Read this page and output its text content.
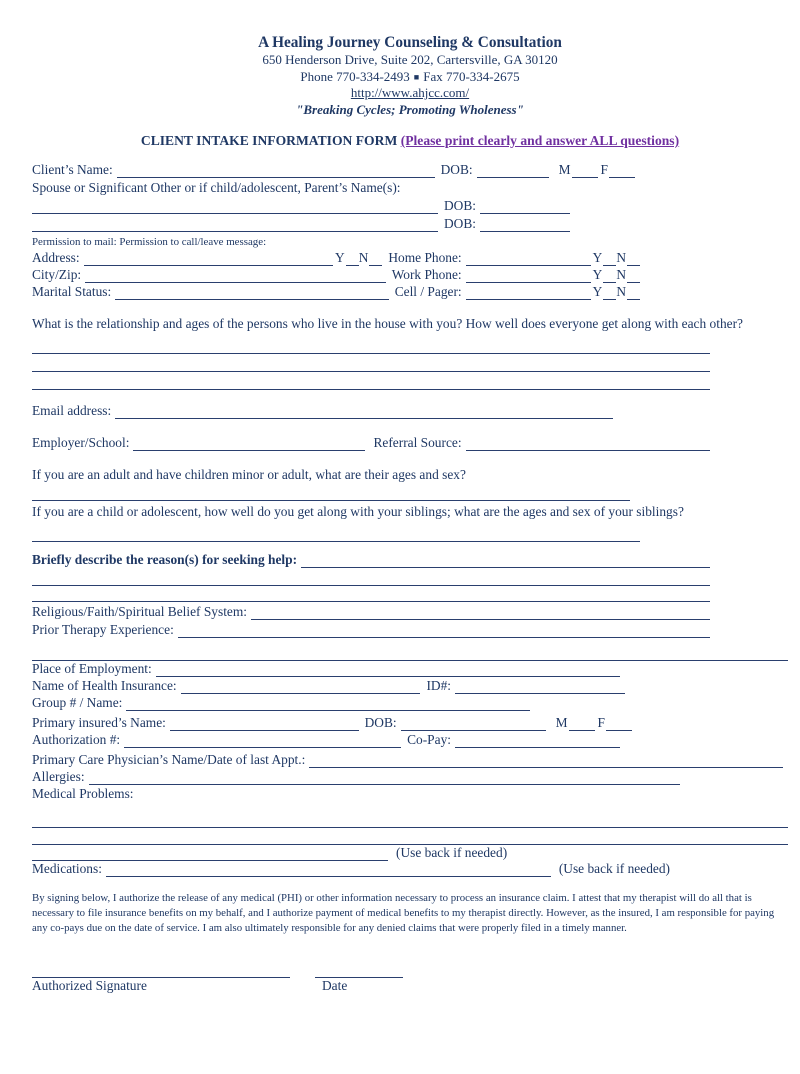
A Healing Journey Counseling & Consultation
650 Henderson Drive, Suite 202, Cartersville, GA 30120
Phone 770-334-2493 ■ Fax 770-334-2675
http://www.ahjcc.com/
"Breaking Cycles; Promoting Wholeness"
CLIENT INTAKE INFORMATION FORM (Please print clearly and answer ALL questions)
Client’s Name:	DOB:	M F
Spouse or Significant Other or if child/adolescent, Parent’s Name(s):
DOB:
DOB:
Permission to mail: Permission to call/leave message:
Address:	Y N Home Phone:	Y N
City/Zip:	Work Phone:	Y N
Marital Status:	Cell / Pager:	Y N
What is the relationship and ages of the persons who live in the house with you? How well does everyone get along with each other?
Email address:
Employer/School:	Referral Source:
If you are an adult and have children minor or adult, what are their ages and sex?
If you are a child or adolescent, how well do you get along with your siblings; what are the ages and sex of your siblings?
Briefly describe the reason(s) for seeking help:
Religious/Faith/Spiritual Belief System:
Prior Therapy Experience:
Place of Employment:
Name of Health Insurance:	ID#:
Group # / Name:
Primary insured’s Name:	DOB:	M F
Authorization #:	Co-Pay:
Primary Care Physician’s Name/Date of last Appt.:
Allergies:
Medical Problems:
(Use back if needed)
Medications:	(Use back if needed)
By signing below, I authorize the release of any medical (PHI) or other information necessary to process an insurance claim. I attest that my therapist will do all that is necessary to file insurance benefits on my behalf, and I authorize payment of medical benefits to my therapist directly. However, as the insured, I am responsible for paying any co-pays due on the date of service. I am also ultimately responsible for any denied claims that were properly filed in a timely manner.
Authorized Signature	Date
